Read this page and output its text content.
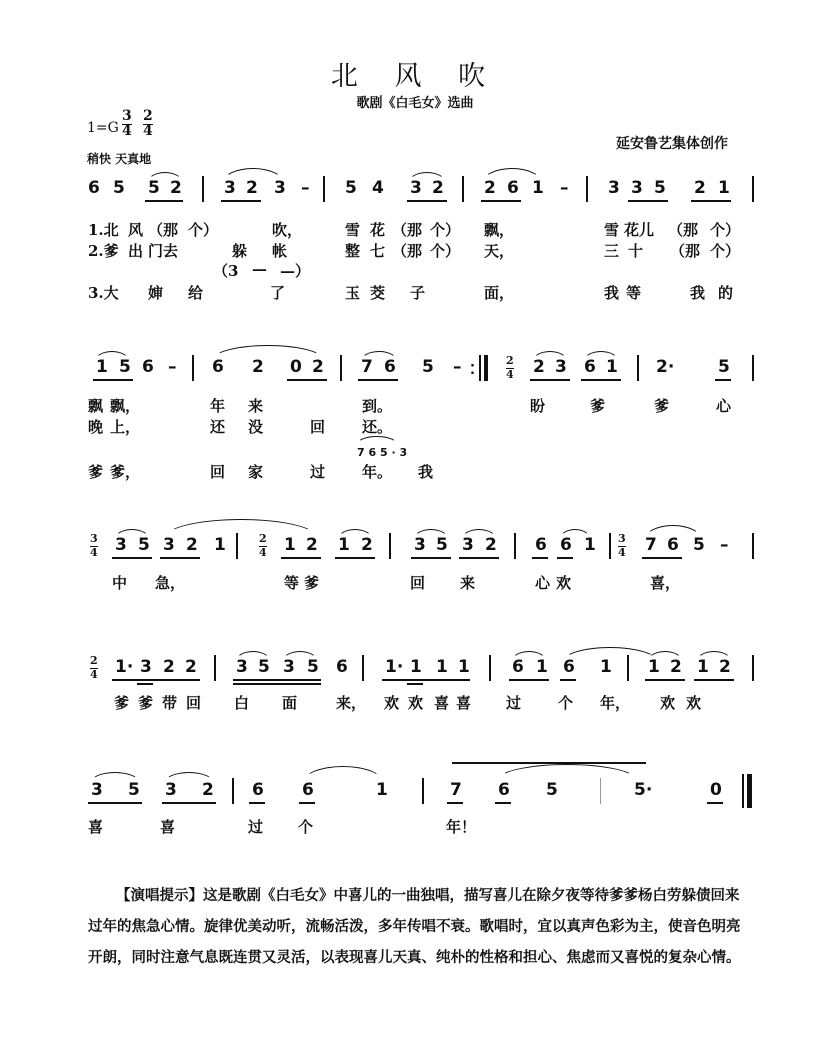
北 风 吹
歌剧《白毛女》选曲
$1=G \frac{3}{4} \frac{2}{4}$
稍快 天真地
延安鲁艺集体创作
6 5 5 2 3 2 3 – 5 4 3 2 2 6 1 – 3 3 5 2 1
1.北 风 （那 个）	吹，	雪 花 （那 个） 飘，	雪 花儿 （那 个）
2.爹 出 门去	躲 帐	整 七 （那 个） 天，	三 十 （那 个）
（3 — —）
3.大 婶 给	了	玉 茭 子	面，	我 等	我 的
1 5 6 – 6 2 0 2 7 6 5 – ⁚	$\frac{2}{4} 2$ 3 6 1 2·	5
飘 飘，	年 来	到。	盼	爹	爹	心
晚 上，	还 没	回 还。
7 6 5 · 3
爹 爹，	回 家	过 年。 我
$\frac{3}{4} 3$ 5 3 2 1	$\frac{2}{4} 1$ 2 1 2 3 5 3 2 6 6 $1 \frac{3}{4} 7$ 6 5 –
中 急，	等 爹	回 来	心 欢	喜，
$\frac{2}{4} 1\cdot 3$ 2 2 3 5 3 5 6 1· 1 1 1 6 1 6 1 1 2 1 2
爹 爹 带 回 白 面	来， 欢 欢 喜 喜 过 个 年， 欢 欢
3 5 3 2 6 6	1	7 6 5	5·	0
喜	喜	过 个	年！
【演唱提示】这是歌剧《白毛女》中喜儿的一曲独唱，描写喜儿在除夕夜等待爹爹杨白劳躲债回来过年的焦急心情。旋律优美动听，流畅活泼，多年传唱不衰。歌唱时，宜以真声色彩为主，使音色明亮开朗，同时注意气息既连贯又灵活，以表现喜儿天真、纯朴的性格和担心、焦虑而又喜悦的复杂心情。
